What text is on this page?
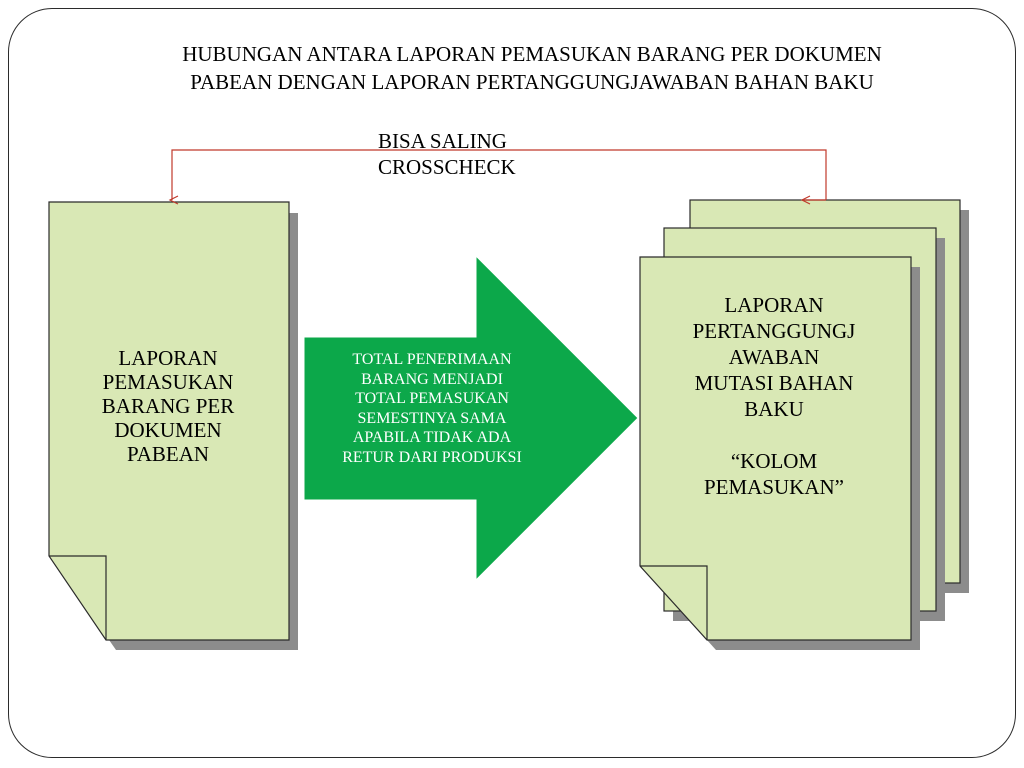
HUBUNGAN ANTARA LAPORAN PEMASUKAN BARANG PER DOKUMEN
PABEAN DENGAN LAPORAN PERTANGGUNGJAWABAN BAHAN BAKU
BISA SALING
CROSSCHECK
LAPORAN
PEMASUKAN
BARANG PER
DOKUMEN
PABEAN
TOTAL PENERIMAAN
BARANG MENJADI
TOTAL PEMASUKAN
SEMESTINYA SAMA
APABILA TIDAK ADA
RETUR DARI PRODUKSI
LAPORAN
PERTANGGUNGJ
AWABAN
MUTASI BAHAN
BAKU

“KOLOM
PEMASUKAN”
